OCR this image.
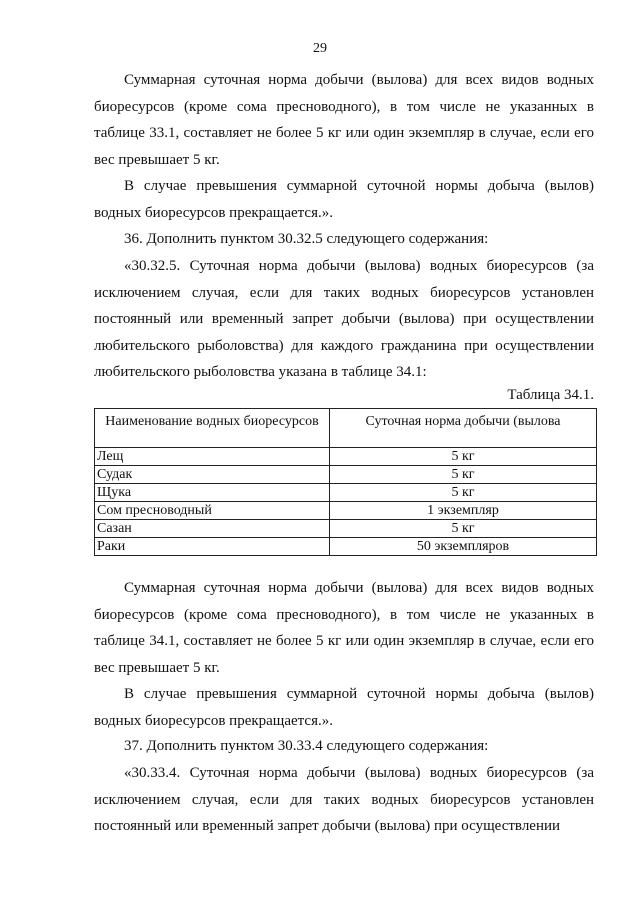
29

Суммарная суточная норма добычи (вылова) для всех видов водных биоресурсов (кроме сома пресноводного), в том числе не указанных в таблице 33.1, составляет не более 5 кг или один экземпляр в случае, если его вес превышает 5 кг.

В случае превышения суммарной суточной нормы добыча (вылов) водных биоресурсов прекращается.».

36. Дополнить пунктом 30.32.5 следующего содержания:

«30.32.5. Суточная норма добычи (вылова) водных биоресурсов (за исключением случая, если для таких водных биоресурсов установлен постоянный или временный запрет добычи (вылова) при осуществлении любительского рыболовства) для каждого гражданина при осуществлении любительского рыболовства указана в таблице 34.1:

Таблица 34.1.
Наименование водных биоресурсов	Суточная норма добычи (вылова
Лещ	5 кг
Судак	5 кг
Щука	5 кг
Сом пресноводный	1 экземпляр
Сазан	5 кг
Раки	50 экземпляров

Суммарная суточная норма добычи (вылова) для всех видов водных биоресурсов (кроме сома пресноводного), в том числе не указанных в таблице 34.1, составляет не более 5 кг или один экземпляр в случае, если его вес превышает 5 кг.

В случае превышения суммарной суточной нормы добыча (вылов) водных биоресурсов прекращается.».

37. Дополнить пунктом 30.33.4 следующего содержания:

«30.33.4. Суточная норма добычи (вылова) водных биоресурсов (за исключением случая, если для таких водных биоресурсов установлен постоянный или временный запрет добычи (вылова) при осуществлении
